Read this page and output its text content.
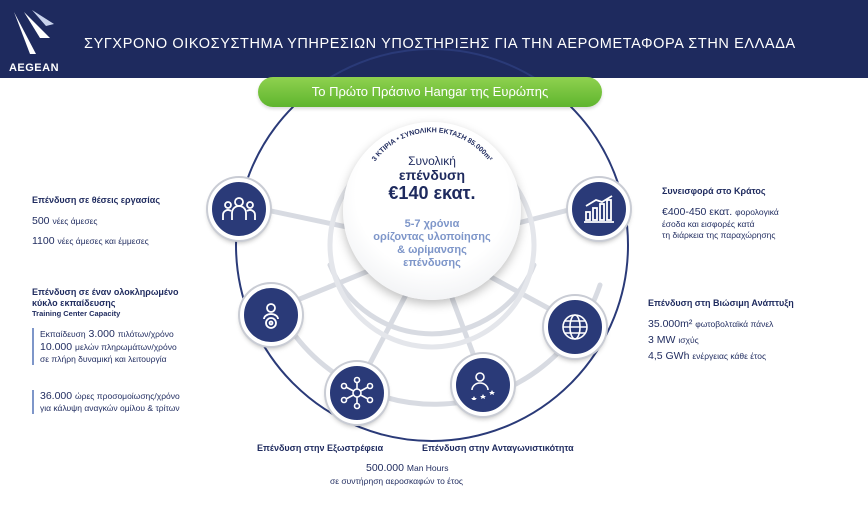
AEGEAN
ΣΥΓΧΡΟΝΟ ΟΙΚΟΣΥΣΤΗΜΑ ΥΠΗΡΕΣΙΩΝ ΥΠΟΣΤΗΡΙΞΗΣ ΓΙΑ ΤΗΝ ΑΕΡΟΜΕΤΑΦΟΡΑ ΣΤΗΝ ΕΛΛΑΔΑ
Το Πρώτο Πράσινο Hangar της Ευρώπης
3 ΚΤΙΡΙΑ • ΣΥΝΟΛΙΚΗ ΕΚΤΑΣΗ 85.000m²
Συνολική
επένδυση
€140 εκατ.
5-7 χρόνια
ορίζοντας υλοποίησης
& ωρίμανσης
επένδυσης
Επένδυση σε θέσεις εργασίας
500 νέες άμεσες
1100 νέες άμεσες και έμμεσες
Επένδυση σε έναν ολοκληρωμένο
κύκλο εκπαίδευσης
Training Center Capacity
Εκπαίδευση 3.000 πιλότων/χρόνο
10.000 μελών πληρωμάτων/χρόνο
σε πλήρη δυναμική και λειτουργία
36.000 ώρες προσομοίωσης/χρόνο
για κάλυψη αναγκών ομίλου & τρίτων
Επένδυση στην Εξωστρέφεια	Επένδυση στην Ανταγωνιστικότητα
500.000 Man Hours
σε συντήρηση αεροσκαφών το έτος
Συνεισφορά στο Κράτος
€400-450 εκατ. φορολογικά
έσοδα και εισφορές κατά
τη διάρκεια της παραχώρησης
Επένδυση στη Βιώσιμη Ανάπτυξη
35.000m² φωτοβολταϊκά πάνελ
3 MW ισχύς
4,5 GWh ενέργειας κάθε έτος
